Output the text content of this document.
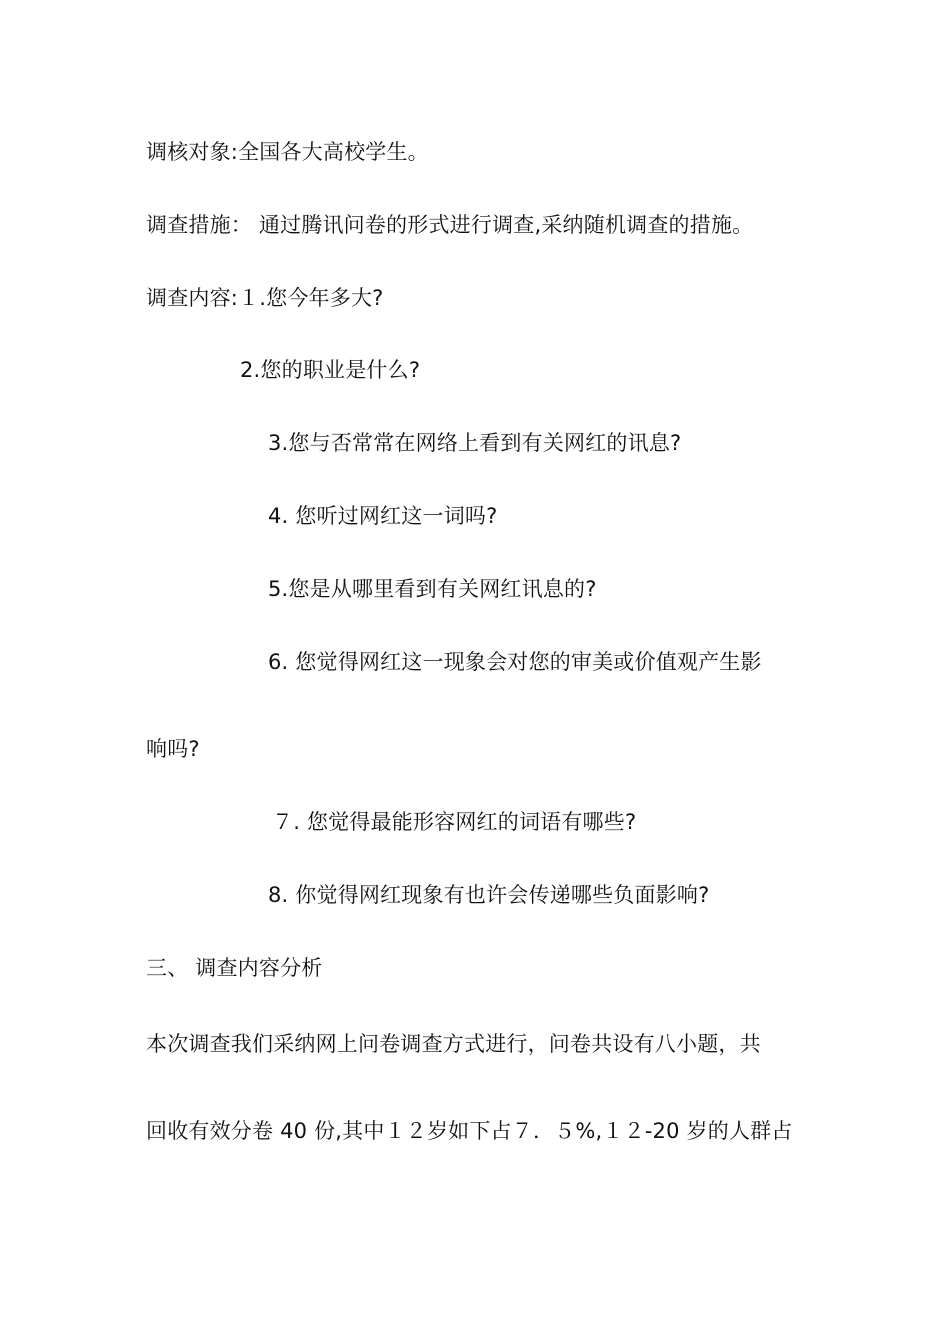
调核对象:全国各大高校学生。
调查措施： 通过腾讯问卷的形式进行调查,采纳随机调查的措施。
调查内容:１.您今年多大?
2.您的职业是什么?
3.您与否常常在网络上看到有关网红的讯息?
4. 您听过网红这一词吗?
5.您是从哪里看到有关网红讯息的?
6. 您觉得网红这一现象会对您的审美或价值观产生影
响吗?
７. 您觉得最能形容网红的词语有哪些?
8. 你觉得网红现象有也许会传递哪些负面影响?
三、 调查内容分析
本次调查我们采纳网上问卷调查方式进行，问卷共设有八小题，共
回收有效分卷 40 份,其中１２岁如下占７．５%,１２-20 岁的人群占
